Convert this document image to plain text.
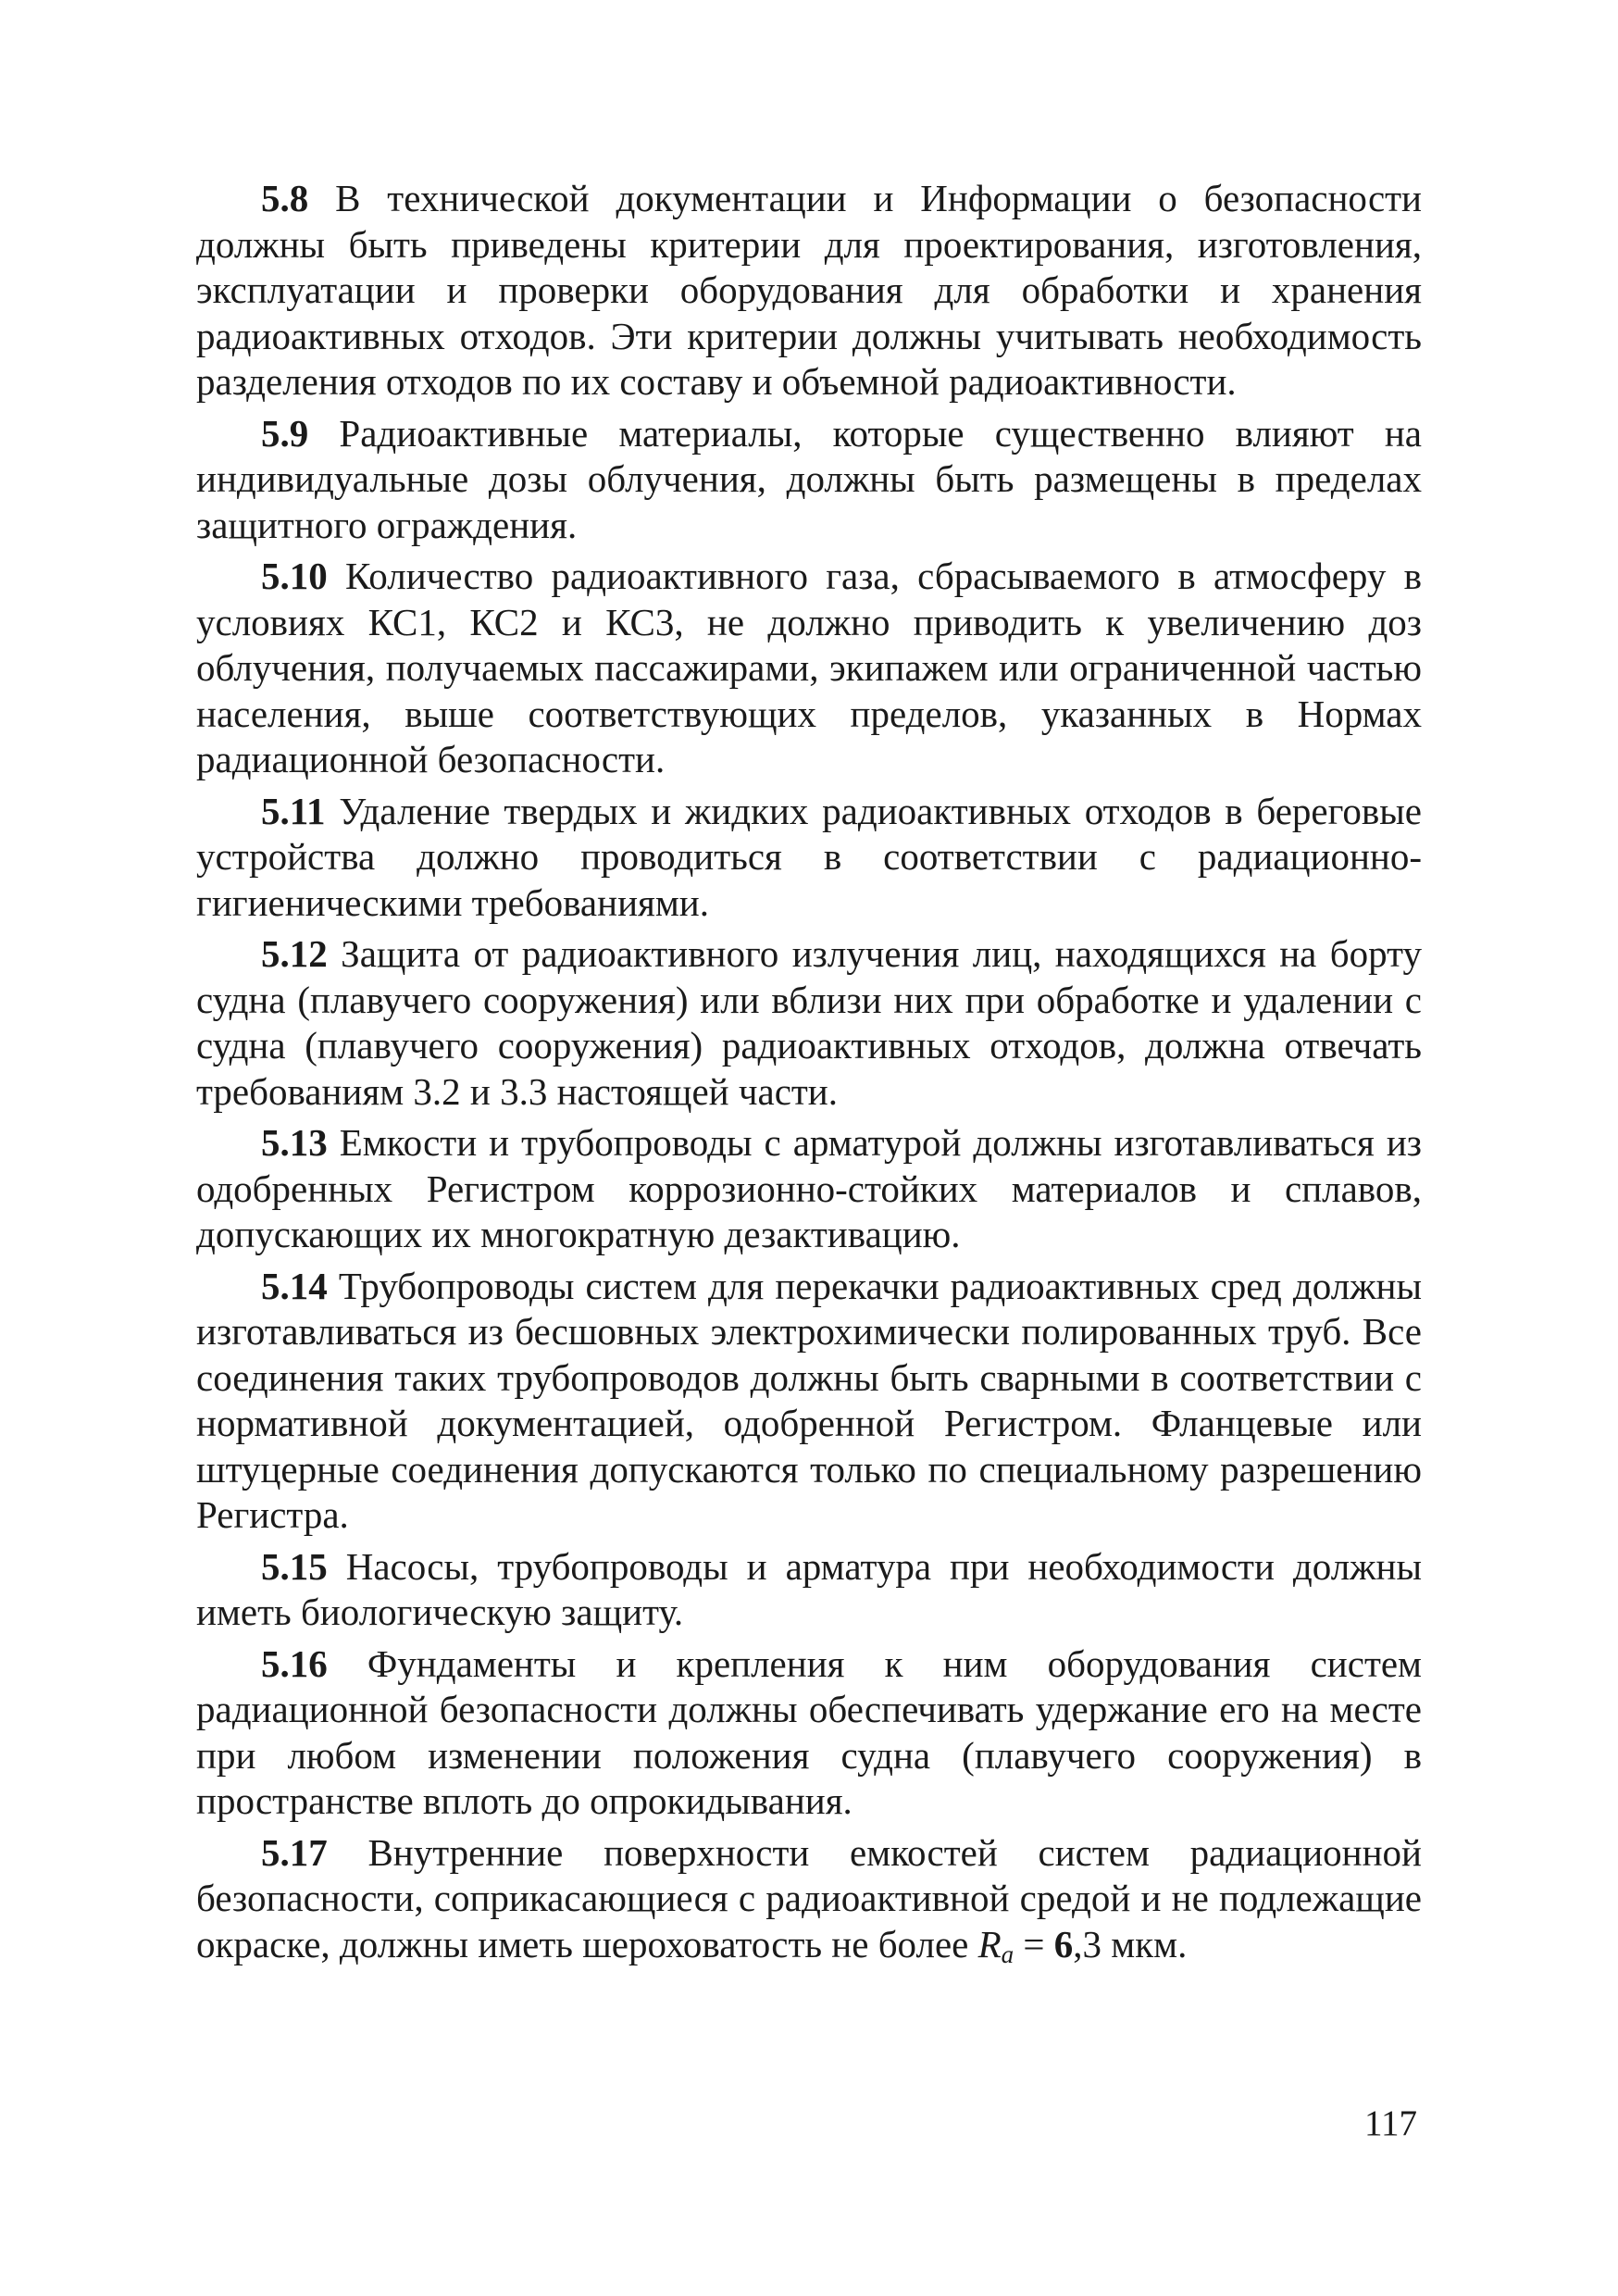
5.8 В технической документации и Информации о безопасности должны быть приведены критерии для проектирования, изготовления, эксплуатации и проверки оборудования для обработки и хранения радиоактивных отходов. Эти критерии должны учитывать необходимость разделения отходов по их составу и объемной радиоактивности.

5.9 Радиоактивные материалы, которые существенно влияют на индивидуальные дозы облучения, должны быть размещены в пределах защитного ограждения.

5.10 Количество радиоактивного газа, сбрасываемого в атмосферу в условиях КС1, КС2 и КС3, не должно приводить к увеличению доз облучения, получаемых пассажирами, экипажем или ограниченной частью населения, выше соответствующих пределов, указанных в Нормах радиационной безопасности.

5.11 Удаление твердых и жидких радиоактивных отходов в береговые устройства должно проводиться в соответствии с радиационно-гигиеническими требованиями.

5.12 Защита от радиоактивного излучения лиц, находящихся на борту судна (плавучего сооружения) или вблизи них при обработке и удалении с судна (плавучего сооружения) радиоактивных отходов, должна отвечать требованиям 3.2 и 3.3 настоящей части.

5.13 Емкости и трубопроводы с арматурой должны изготавливаться из одобренных Регистром коррозионно-стойких материалов и сплавов, допускающих их многократную дезактивацию.

5.14 Трубопроводы систем для перекачки радиоактивных сред должны изготавливаться из бесшовных электрохимически полированных труб. Все соединения таких трубопроводов должны быть сварными в соответствии с нормативной документацией, одобренной Регистром. Фланцевые или штуцерные соединения допускаются только по специальному разрешению Регистра.

5.15 Насосы, трубопроводы и арматура при необходимости должны иметь биологическую защиту.

5.16 Фундаменты и крепления к ним оборудования систем радиационной безопасности должны обеспечивать удержание его на месте при любом изменении положения судна (плавучего сооружения) в пространстве вплоть до опрокидывания.

5.17 Внутренние поверхности емкостей систем радиационной безопасности, соприкасающиеся с радиоактивной средой и не подлежащие окраске, должны иметь шероховатость не более $R_a = 6,3$ мкм.

117
